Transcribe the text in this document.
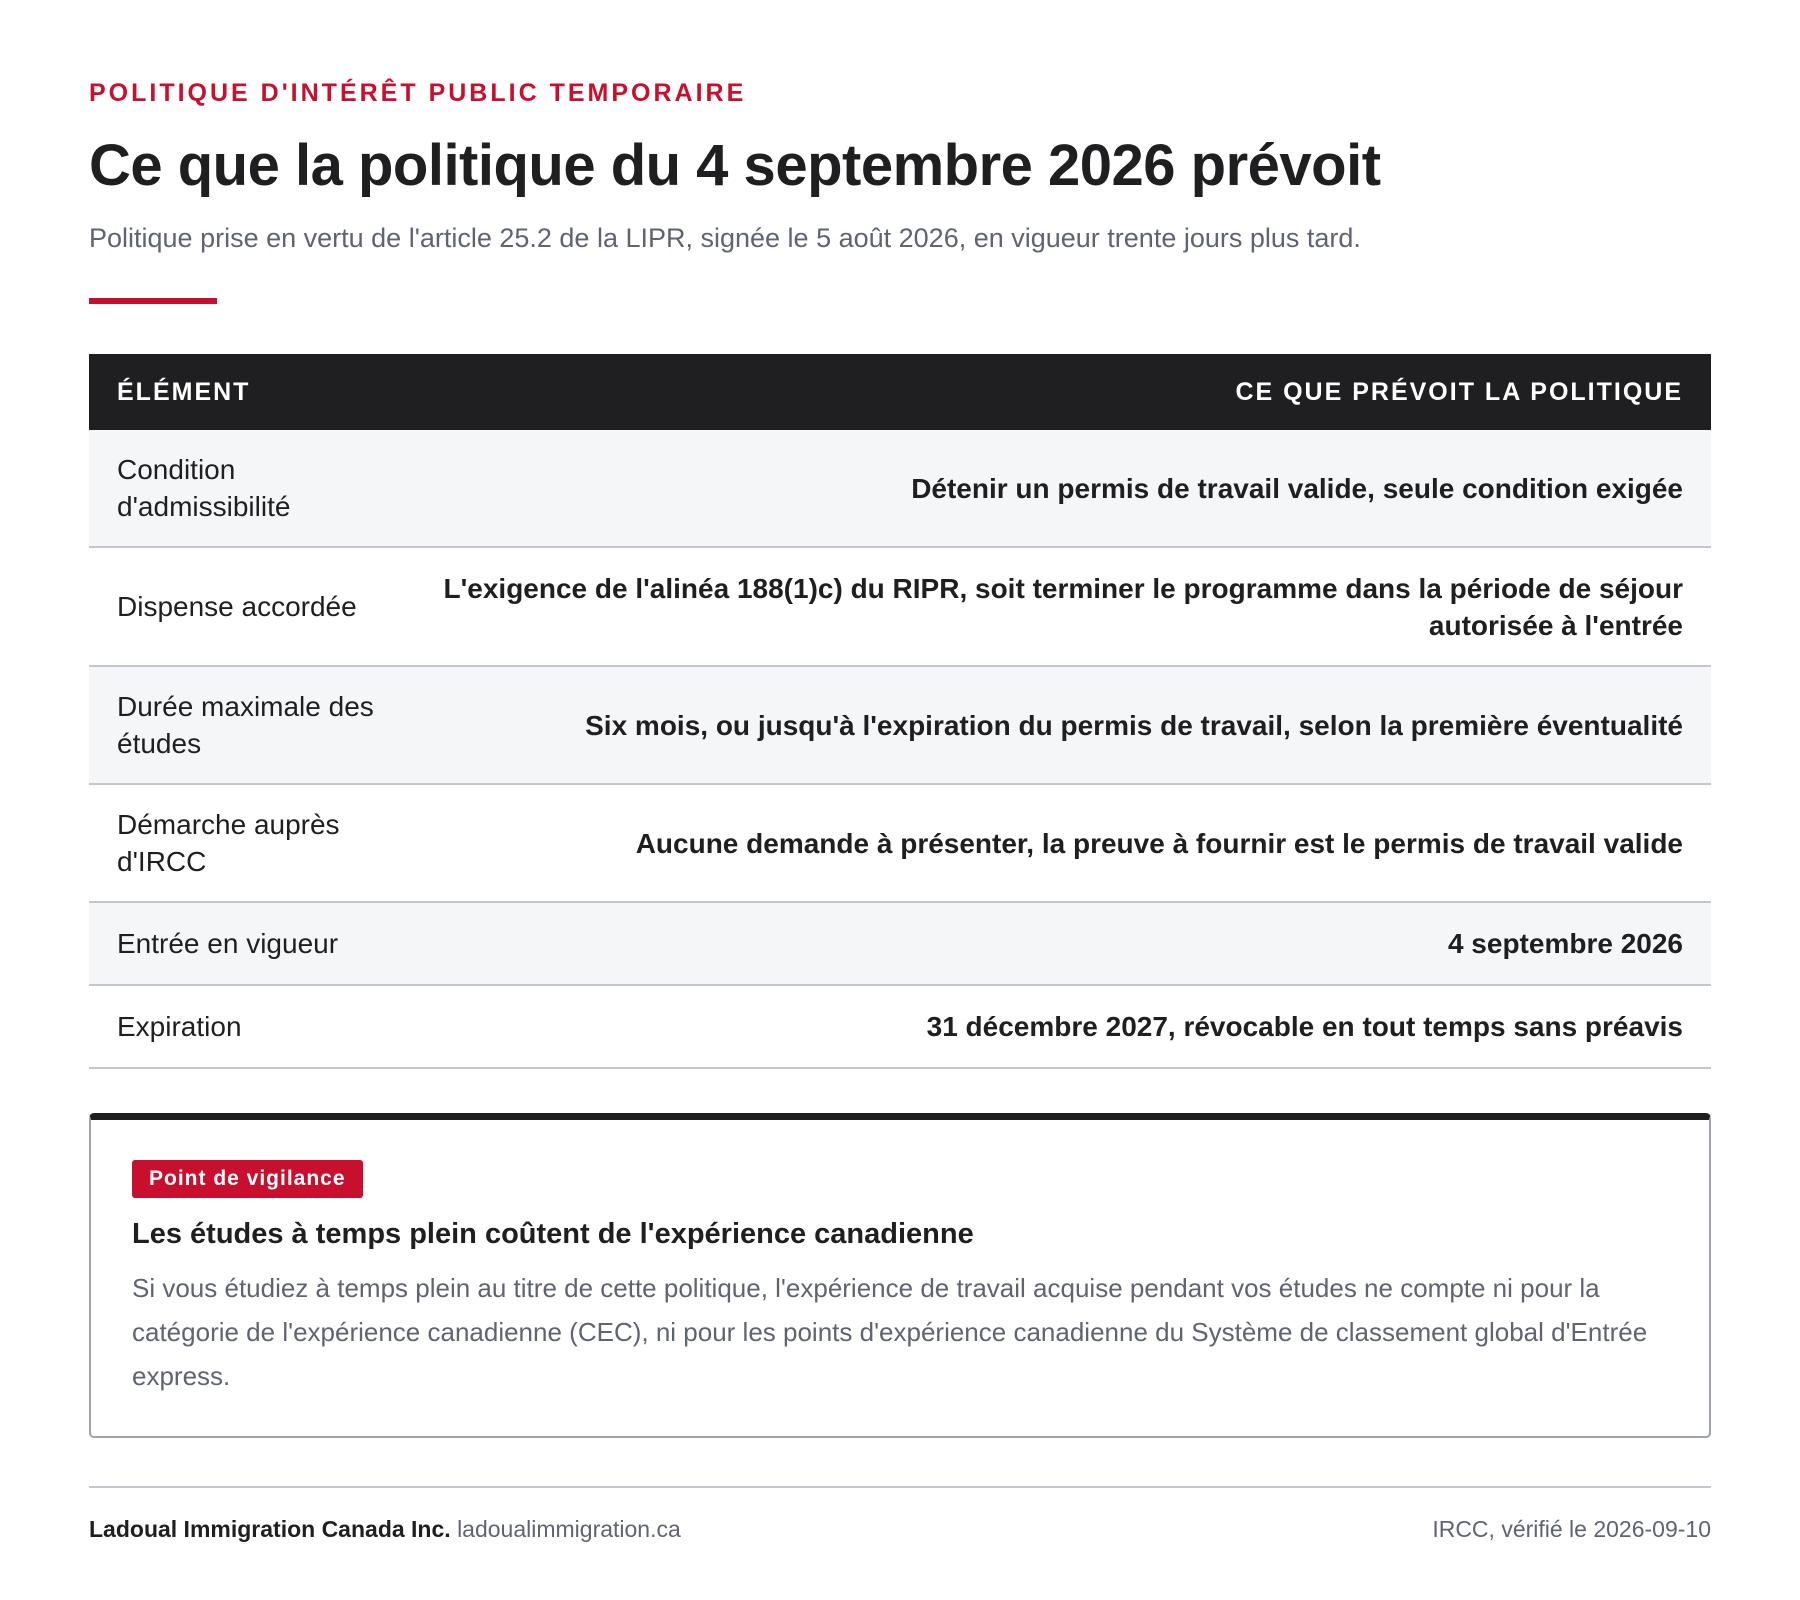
POLITIQUE D'INTÉRÊT PUBLIC TEMPORAIRE

Ce que la politique du 4 septembre 2026 prévoit

Politique prise en vertu de l'article 25.2 de la LIPR, signée le 5 août 2026, en vigueur trente jours plus tard.

ÉLÉMENT	CE QUE PRÉVOIT LA POLITIQUE
Condition d'admissibilité	Détenir un permis de travail valide, seule condition exigée
Dispense accordée	L'exigence de l'alinéa 188(1)c) du RIPR, soit terminer le programme dans la période de séjour autorisée à l'entrée
Durée maximale des études	Six mois, ou jusqu'à l'expiration du permis de travail, selon la première éventualité
Démarche auprès d'IRCC	Aucune demande à présenter, la preuve à fournir est le permis de travail valide
Entrée en vigueur	4 septembre 2026
Expiration	31 décembre 2027, révocable en tout temps sans préavis
Point de vigilance

Les études à temps plein coûtent de l'expérience canadienne

Si vous étudiez à temps plein au titre de cette politique, l'expérience de travail acquise pendant vos études ne compte ni pour la catégorie de l'expérience canadienne (CEC), ni pour les points d'expérience canadienne du Système de classement global d'Entrée express.

Ladoual Immigration Canada Inc. ladoualimmigration.ca	IRCC, vérifié le 2026-09-10
